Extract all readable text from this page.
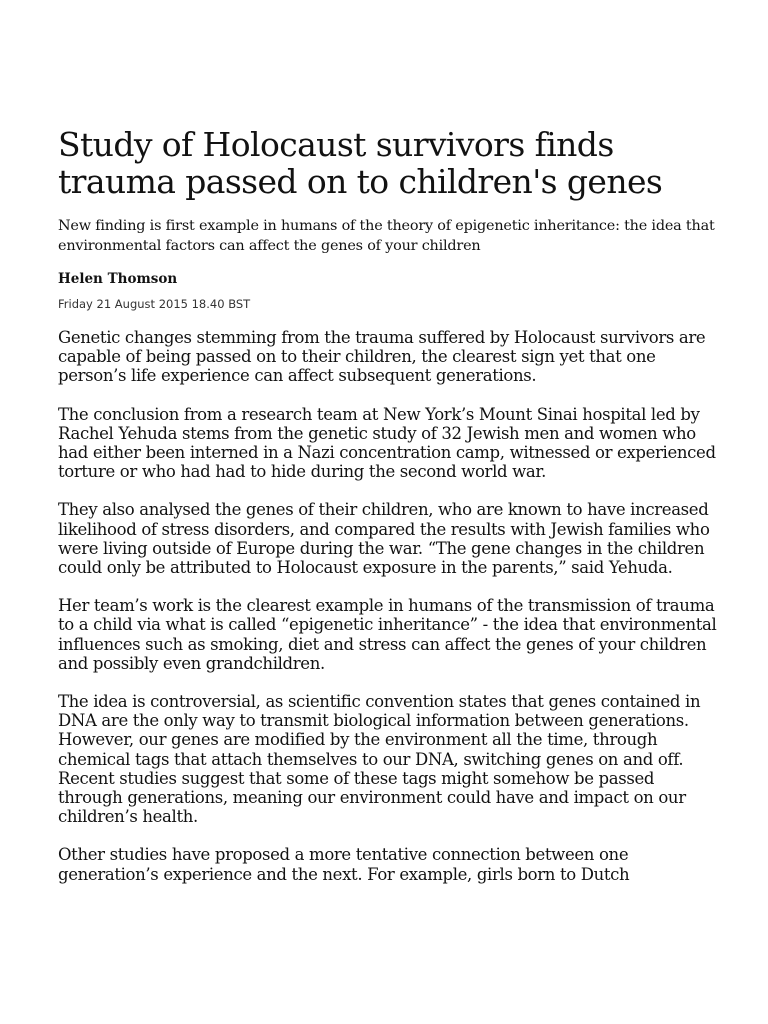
Study of Holocaust survivors finds trauma passed on to children's genes

New finding is first example in humans of the theory of epigenetic inheritance: the idea that environmental factors can affect the genes of your children

Helen Thomson
Friday 21 August 2015 18.40 BST

Genetic changes stemming from the trauma suffered by Holocaust survivors are capable of being passed on to their children, the clearest sign yet that one person’s life experience can affect subsequent generations.

The conclusion from a research team at New York’s Mount Sinai hospital led by Rachel Yehuda stems from the genetic study of 32 Jewish men and women who had either been interned in a Nazi concentration camp, witnessed or experienced torture or who had had to hide during the second world war.

They also analysed the genes of their children, who are known to have increased likelihood of stress disorders, and compared the results with Jewish families who were living outside of Europe during the war. “The gene changes in the children could only be attributed to Holocaust exposure in the parents,” said Yehuda.

Her team’s work is the clearest example in humans of the transmission of trauma to a child via what is called “epigenetic inheritance” - the idea that environmental influences such as smoking, diet and stress can affect the genes of your children and possibly even grandchildren.

The idea is controversial, as scientific convention states that genes contained in DNA are the only way to transmit biological information between generations. However, our genes are modified by the environment all the time, through chemical tags that attach themselves to our DNA, switching genes on and off. Recent studies suggest that some of these tags might somehow be passed through generations, meaning our environment could have and impact on our children’s health.

Other studies have proposed a more tentative connection between one generation’s experience and the next. For example, girls born to Dutch
